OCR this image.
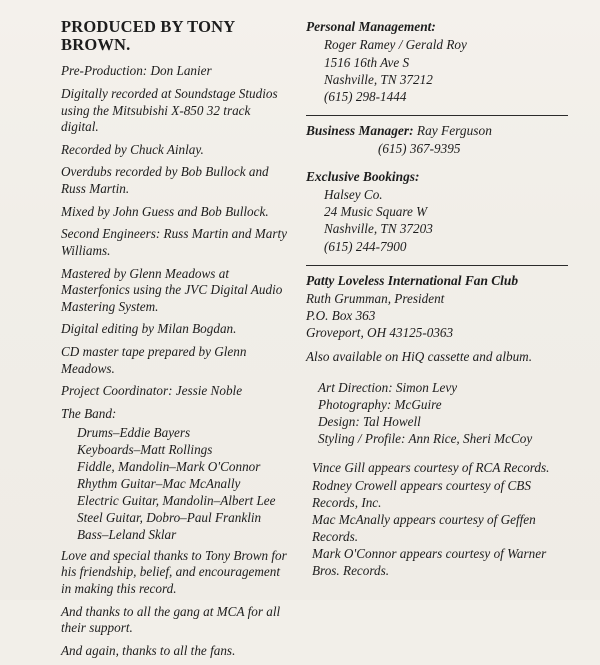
PRODUCED BY TONY BROWN.

Pre-Production: Don Lanier

Digitally recorded at Soundstage Studios using the Mitsubishi X-850 32 track digital.

Recorded by Chuck Ainlay.

Overdubs recorded by Bob Bullock and Russ Martin.

Mixed by John Guess and Bob Bullock.

Second Engineers: Russ Martin and Marty Williams.

Mastered by Glenn Meadows at Masterfonics using the JVC Digital Audio Mastering System.

Digital editing by Milan Bogdan.

CD master tape prepared by Glenn Meadows.

Project Coordinator: Jessie Noble

The Band:

Drums–Eddie Bayers
Keyboards–Matt Rollings
Fiddle, Mandolin–Mark O'Connor
Rhythm Guitar–Mac McAnally
Electric Guitar, Mandolin–Albert Lee
Steel Guitar, Dobro–Paul Franklin
Bass–Leland Sklar

Love and special thanks to Tony Brown for his friendship, belief, and encouragement in making this record.

And thanks to all the gang at MCA for all their support.

And again, thanks to all the fans.

Personal Management:

Roger Ramey / Gerald Roy

1516 16th Ave S

Nashville, TN 37212

(615) 298-1444

Business Manager: Ray Ferguson

(615) 367-9395

Exclusive Bookings:

Halsey Co.

24 Music Square W

Nashville, TN 37203

(615) 244-7900

Patty Loveless International Fan Club

Ruth Grumman, President

P.O. Box 363

Groveport, OH 43125-0363

Also available on HiQ cassette and album.

Art Direction: Simon Levy

Photography: McGuire

Design: Tal Howell

Styling / Profile: Ann Rice, Sheri McCoy

Vince Gill appears courtesy of RCA Records.

Rodney Crowell appears courtesy of CBS Records, Inc.

Mac McAnally appears courtesy of Geffen Records.

Mark O'Connor appears courtesy of Warner Bros. Records.
